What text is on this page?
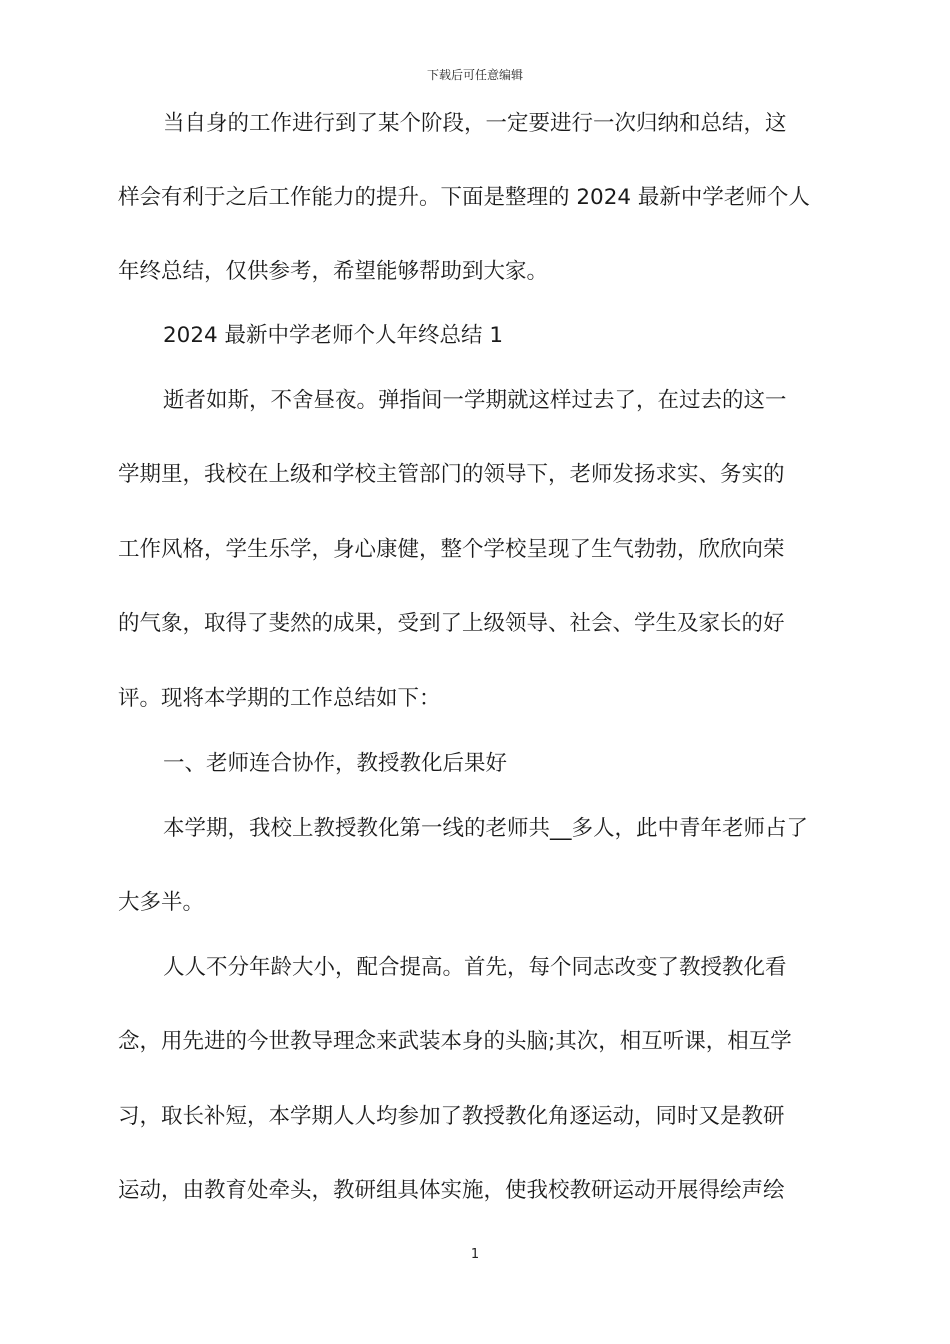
下载后可任意编辑
当自身的工作进行到了某个阶段，一定要进行一次归纳和总结，这
样会有利于之后工作能力的提升。下面是整理的 2024 最新中学老师个人
年终总结，仅供参考，希望能够帮助到大家。
2024 最新中学老师个人年终总结 1
逝者如斯，不舍昼夜。弹指间一学期就这样过去了，在过去的这一
学期里，我校在上级和学校主管部门的领导下，老师发扬求实、务实的
工作风格，学生乐学，身心康健，整个学校呈现了生气勃勃，欣欣向荣
的气象，取得了斐然的成果，受到了上级领导、社会、学生及家长的好
评。现将本学期的工作总结如下：
一、老师连合协作，教授教化后果好
本学期，我校上教授教化第一线的老师共__多人，此中青年老师占了
大多半。
人人不分年龄大小，配合提高。首先，每个同志改变了教授教化看
念，用先进的今世教导理念来武装本身的头脑;其次，相互听课，相互学
习，取长补短，本学期人人均参加了教授教化角逐运动，同时又是教研
运动，由教育处牵头，教研组具体实施，使我校教研运动开展得绘声绘
1
